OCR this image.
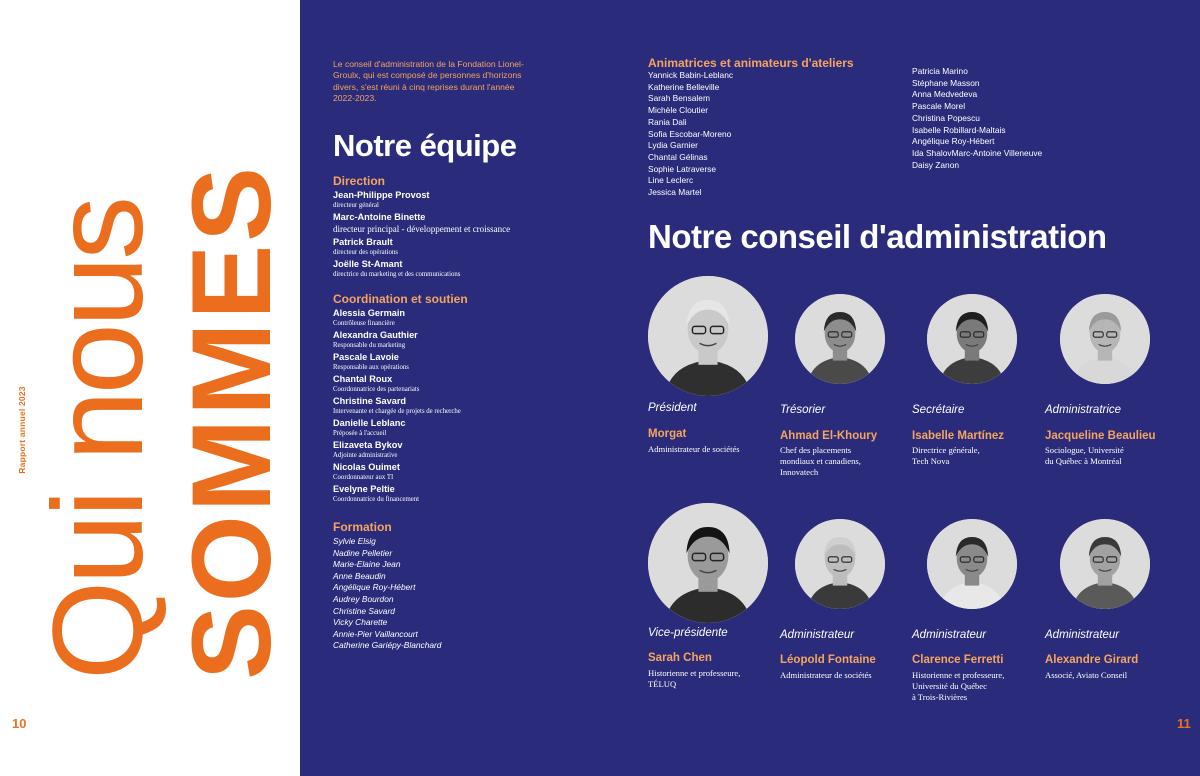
Rapport annuel 2023 Qui nous SOMMES
10
Le conseil d'administration de la Fondation Lionel-Groulx, qui est composé de personnes d'horizons divers, s'est réuni à cinq reprises durant l'année 2022-2023.
Notre équipe
Direction
Jean-Philippe Provost
directeur général
Marc-Antoine Binette
directeur principal - développement et croissance
Patrick Brault
directeur des opérations
Joëlle St-Amant
directrice du marketing et des communications
Coordination et soutien
Alessia Germain
Contrôleuse financière
Alexandra Gauthier
Responsable du marketing
Pascale Lavoie
Responsable aux opérations
Chantal Roux
Coordonnatrice des partenariats
Christine Savard
Intervenante et chargée de projets de recherche
Danielle Leblanc
Préposée à l'accueil
Elizaveta Bykov
Adjointe administrative
Nicolas Ouimet
Coordonnateur aux TI
Evelyne Peltie
Coordonnatrice du financement
Formation
Sylvie Elsig
Nadine Pelletier
Marie-Elaine Jean
Anne Beaudin
Angélique Roy-Hébert
Audrey Bourdon
Christine Savard
Vicky Charette
Annie-Pier Vaillancourt
Catherine Gariépy-Blanchard
Animatrices et animateurs d'ateliers
Yannick Babin-Leblanc
Katherine Belleville
Sarah Bensalem
Michèle Cloutier
Rania Dali
Sofia Escobar-Moreno
Lydia Garnier
Chantal Gélinas
Sophie Latraverse
Line Leclerc
Jessica Martel
Patricia Marino
Stéphane Masson
Anna Medvedeva
Pascale Morel
Christina Popescu
Isabelle Robillard-Maltais
Angélique Roy-Hébert
Ida ShalovMarc-Antoine Villeneuve
Daisy Zanon
Notre conseil d'administration
Président
Morgat
Administrateur de sociétés
Trésorier
Ahmad El-Khoury
Chef des placements
mondiaux et canadiens,
Innovatech
Secrétaire
Isabelle Martínez
Directrice générale,
Tech Nova
Administratrice
Jacqueline Beaulieu
Sociologue, Université
du Québec à Montréal
Vice-présidente
Sarah Chen
Historienne et professeure,
TÉLUQ
Administrateur
Léopold Fontaine
Administrateur de sociétés
Administrateur
Clarence Ferretti
Historienne et professeure,
Université du Québec
à Trois-Rivières
Administrateur
Alexandre Girard
Associé, Aviato Conseil
11
